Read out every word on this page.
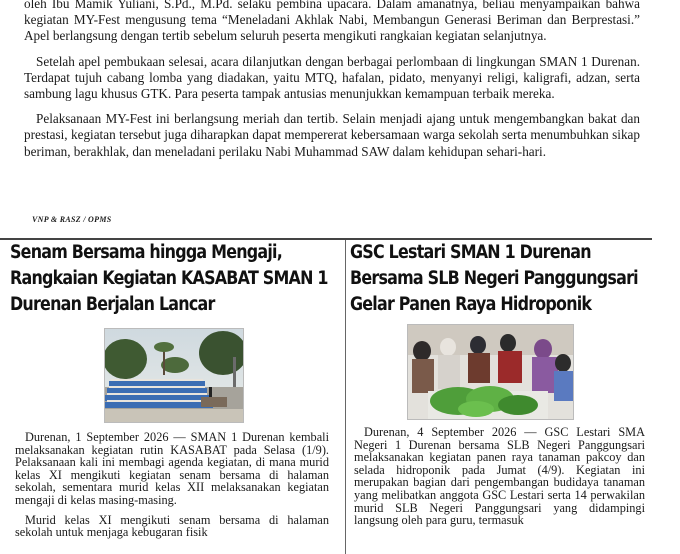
oleh Ibu Mamik Yuliani, S.Pd., M.Pd. selaku pembina upacara. Dalam amanatnya, beliau menyampaikan bahwa kegiatan MY-Fest mengusung tema “Meneladani Akhlak Nabi, Membangun Generasi Beriman dan Berprestasi.” Apel berlangsung dengan tertib sebelum seluruh peserta mengikuti rangkaian kegiatan selanjutnya.

Setelah apel pembukaan selesai, acara dilanjutkan dengan berbagai perlombaan di lingkungan SMAN 1 Durenan. Terdapat tujuh cabang lomba yang diadakan, yaitu MTQ, hafalan, pidato, menyanyi religi, kaligrafi, adzan, serta sambung lagu khusus GTK. Para peserta tampak antusias menunjukkan kemampuan terbaik mereka.

Pelaksanaan MY-Fest ini berlangsung meriah dan tertib. Selain menjadi ajang untuk mengembangkan bakat dan prestasi, kegiatan tersebut juga diharapkan dapat mempererat kebersamaan warga sekolah serta menumbuhkan sikap beriman, berakhlak, dan meneladani perilaku Nabi Muhammad SAW dalam kehidupan sehari-hari.

VNP & RASZ / OPMS
Senam Bersama hingga Mengaji, Rangkaian Kegiatan KASABAT SMAN 1 Durenan Berjalan Lancar

Durenan, 1 September 2026 — SMAN 1 Durenan kembali melaksanakan kegiatan rutin KASABAT pada Selasa (1/9). Pelaksanaan kali ini membagi agenda kegiatan, di mana murid kelas XI mengikuti kegiatan senam bersama di halaman sekolah, sementara murid kelas XII melaksanakan kegiatan mengaji di kelas masing-masing.

Murid kelas XI mengikuti senam bersama di halaman sekolah untuk menjaga kebugaran fisik

GSC Lestari SMAN 1 Durenan Bersama SLB Negeri Panggungsari Gelar Panen Raya Hidroponik

Durenan, 4 September 2026 — GSC Lestari SMA Negeri 1 Durenan bersama SLB Negeri Panggungsari melaksanakan kegiatan panen raya tanaman pakcoy dan selada hidroponik pada Jumat (4/9). Kegiatan ini merupakan bagian dari pengembangan budidaya tanaman yang melibatkan anggota GSC Lestari serta 14 perwakilan murid SLB Negeri Panggungsari yang didampingi langsung oleh para guru, termasuk
